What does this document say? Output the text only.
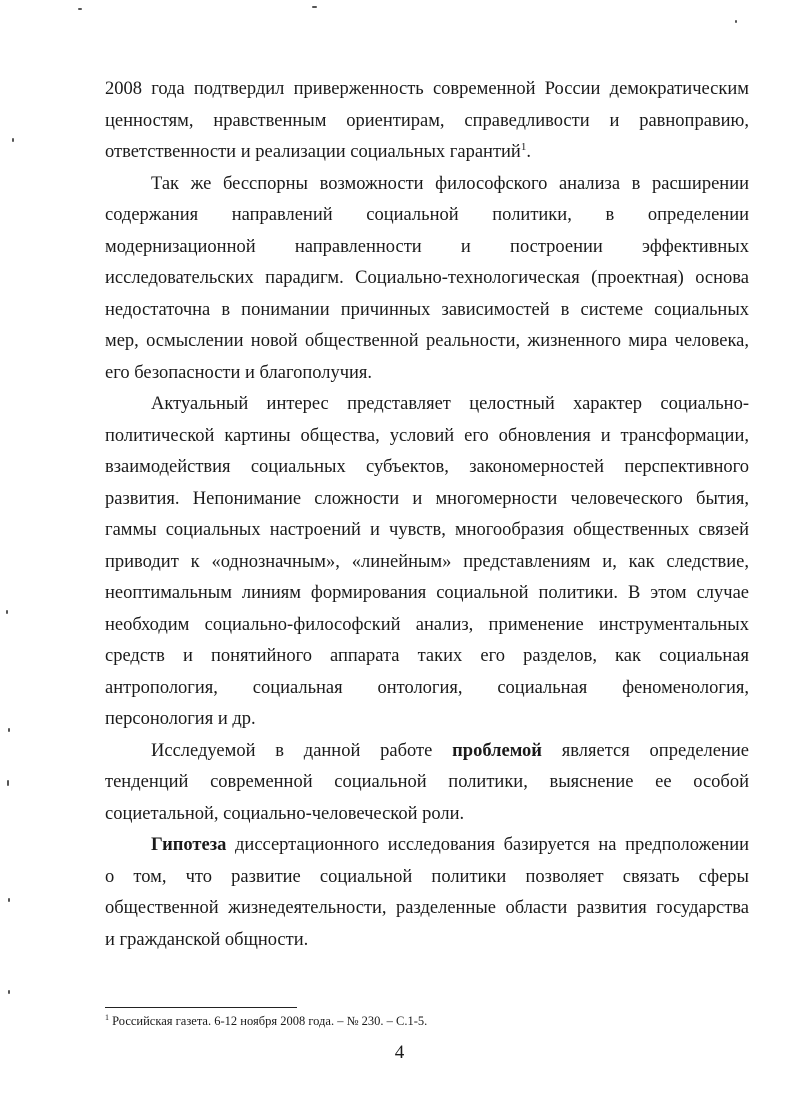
2008 года подтвердил приверженность современной России демократическим
ценностям, нравственным ориентирам, справедливости и равноправию,
ответственности и реализации социальных гарантий$^1$.
Так же бесспорны возможности философского анализа в расширении
содержания направлений социальной политики, в определении
модернизационной направленности и построении эффективных
исследовательских парадигм. Социально-технологическая (проектная) основа
недостаточна в понимании причинных зависимостей в системе социальных
мер, осмыслении новой общественной реальности, жизненного мира человека,
его безопасности и благополучия.
Актуальный интерес представляет целостный характер социально-
политической картины общества, условий его обновления и трансформации,
взаимодействия социальных субъектов, закономерностей перспективного
развития. Непонимание сложности и многомерности человеческого бытия,
гаммы социальных настроений и чувств, многообразия общественных связей
приводит к «однозначным», «линейным» представлениям и, как следствие,
неоптимальным линиям формирования социальной политики. В этом случае
необходим социально-философский анализ, применение инструментальных
средств и понятийного аппарата таких его разделов, как социальная
антропология, социальная онтология, социальная феноменология,
персонология и др.
Исследуемой в данной работе проблемой является определение
тенденций современной социальной политики, выяснение ее особой
социетальной, социально-человеческой роли.
Гипотеза диссертационного исследования базируется на предположении
о том, что развитие социальной политики позволяет связать сферы
общественной жизнедеятельности, разделенные области развития государства
и гражданской общности.
$^1$ Российская газета. 6-12 ноября 2008 года. – № 230. – С.1-5.
4
